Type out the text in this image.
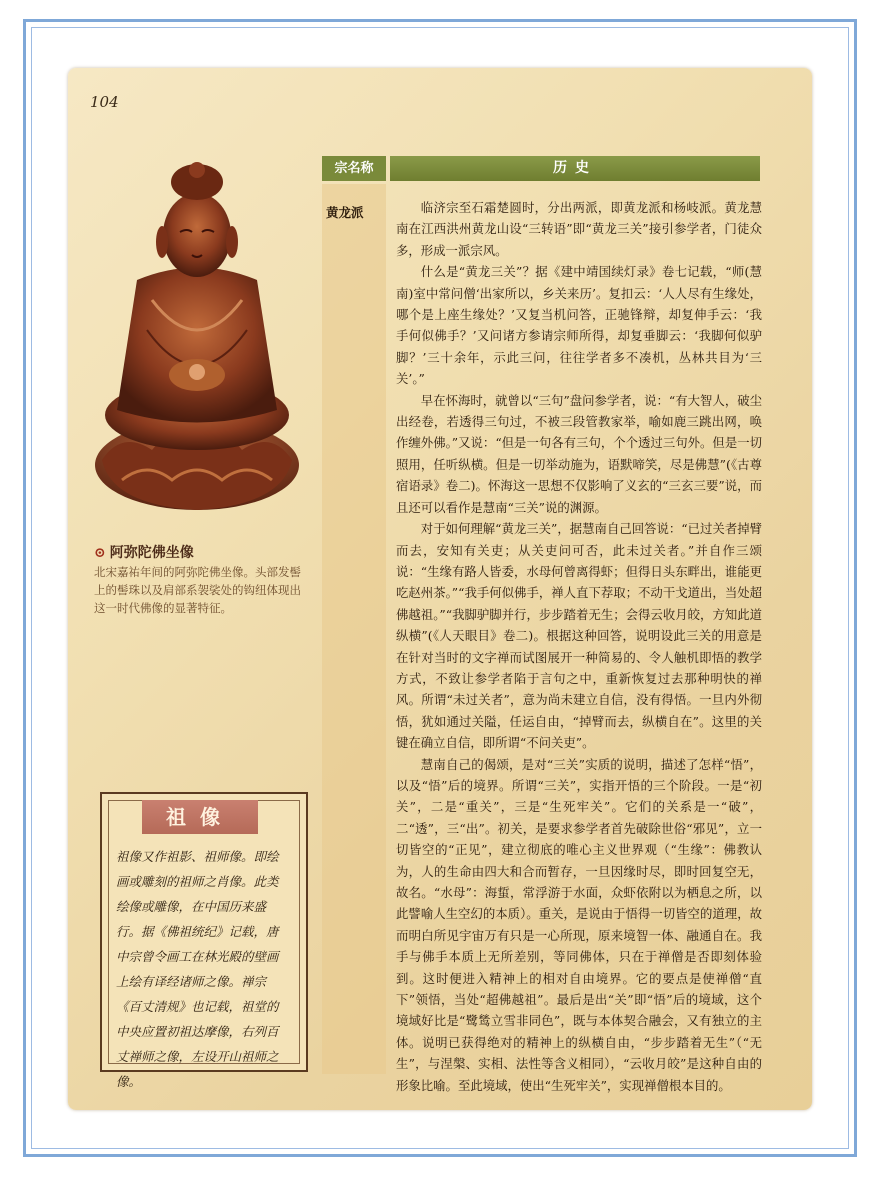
104
⊙ 阿弥陀佛坐像
北宋嘉祐年间的阿弥陀佛坐像。头部发髻上的髻珠以及肩部系袈裟处的钩纽体现出这一时代佛像的显著特征。
祖像
祖像又作祖影、祖师像。即绘画或雕刻的祖师之肖像。此类绘像或雕像，在中国历来盛行。据《佛祖统纪》记载，唐中宗曾令画工在林光殿的壁画上绘有译经诸师之像。禅宗《百丈清规》也记载，祖堂的中央应置初祖达摩像，右列百丈禅师之像，左设开山祖师之像。
宗名称	历史
黄龙派	临济宗至石霜楚圆时，分出两派，即黄龙派和杨岐派。黄龙慧南在江西洪州黄龙山设“三转语”即“黄龙三关”接引参学者，门徒众多，形成一派宗风。

什么是“黄龙三关”？据《建中靖国续灯录》卷七记载，“师(慧南)室中常问僧‘出家所以，乡关来历’。复扣云：‘人人尽有生缘处，哪个是上座生缘处？’又复当机问答，正驰锋辩，却复伸手云：‘我手何似佛手？’又问诸方参请宗师所得，却复垂脚云：‘我脚何似驴脚？’三十余年，示此三问，往往学者多不凑机，丛林共目为‘三关’。”

早在怀海时，就曾以“三句”盘问参学者，说：“有大智人，破尘出经卷，若透得三句过，不被三段管教家举，喻如鹿三跳出网，唤作缠外佛。”又说：“但是一句各有三句，个个透过三句外。但是一切照用，任听纵横。但是一切举动施为，语默啼笑，尽是佛慧”(《古尊宿语录》卷二)。怀海这一思想不仅影响了义玄的“三玄三要”说，而且还可以看作是慧南“三关”说的渊源。

对于如何理解“黄龙三关”，据慧南自己回答说：“已过关者掉臂而去，安知有关吏；从关吏问可否，此未过关者。”并自作三颂说：“生缘有路人皆委，水母何曾离得虾；但得日头东畔出，谁能更吃赵州茶。”“我手何似佛手，禅人直下荐取；不动干戈道出，当处超佛越祖。”“我脚驴脚并行，步步踏着无生；会得云收月皎，方知此道纵横”(《人天眼目》卷二)。根据这种回答，说明设此三关的用意是在针对当时的文字禅而试图展开一种简易的、令人触机即悟的教学方式，不致让参学者陷于言句之中，重新恢复过去那种明快的禅风。所谓“未过关者”，意为尚未建立自信，没有得悟。一旦内外彻悟，犹如通过关隘，任运自由，“掉臂而去，纵横自在”。这里的关键在确立自信，即所谓“不问关吏”。

慧南自己的偈颂，是对“三关”实质的说明，描述了怎样“悟”，以及“悟”后的境界。所谓“三关”，实指开悟的三个阶段。一是“初关”，二是“重关”，三是“生死牢关”。它们的关系是一“破”，二“透”，三“出”。初关，是要求参学者首先破除世俗“邪见”，立一切皆空的“正见”，建立彻底的唯心主义世界观（“生缘”：佛教认为，人的生命由四大和合而暂存，一旦因缘时尽，即时回复空无，故名。“水母”：海蜇，常浮游于水面，众虾依附以为栖息之所，以此譬喻人生空幻的本质）。重关，是说由于悟得一切皆空的道理，故而明白所见宇宙万有只是一心所现，原来境智一体、融通自在。我手与佛手本质上无所差别，等同佛体，只在于禅僧是否即刻体验到。这时便进入精神上的相对自由境界。它的要点是使禅僧“直下”领悟，当处“超佛越祖”。最后是出“关”即“悟”后的境域，这个境域好比是“鹭鸶立雪非同色”，既与本体契合融会，又有独立的主体。说明已获得绝对的精神上的纵横自由，“步步踏着无生”（“无生”，与涅槃、实相、法性等含义相同），“云收月皎”是这种自由的形象比喻。至此境域，使出“生死牢关”，实现禅僧根本目的。
